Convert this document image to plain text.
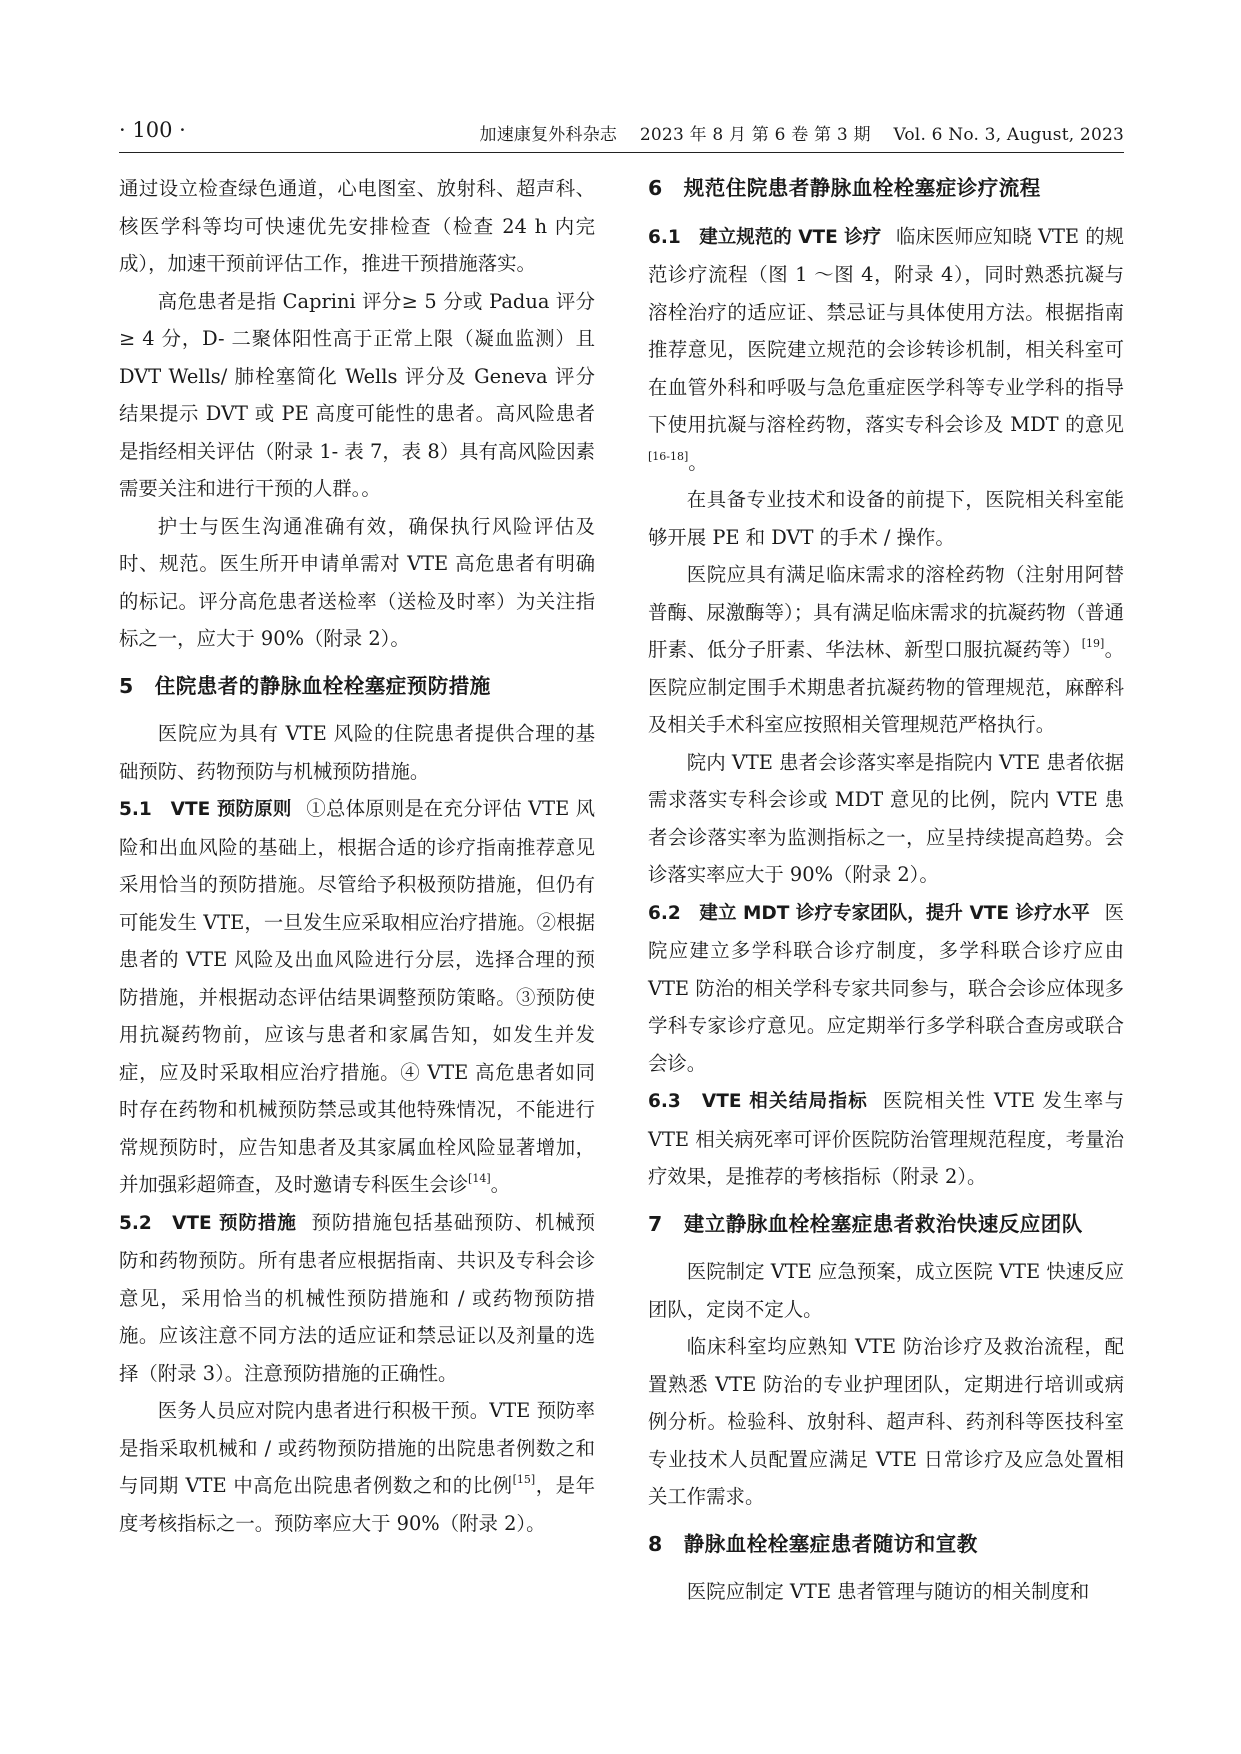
· 100 ·	加速康复外科杂志　 2023 年 8 月 第 6 卷 第 3 期　 Vol. 6 No. 3, August, 2023

通过设立检查绿色通道，心电图室、放射科、超声科、核医学科等均可快速优先安排检查（检查 24 h 内完成），加速干预前评估工作，推进干预措施落实。

高危患者是指 Caprini 评分≥ 5 分或 Padua 评分≥ 4 分，D- 二聚体阳性高于正常上限（凝血监测）且 DVT Wells/ 肺栓塞简化 Wells 评分及 Geneva 评分结果提示 DVT 或 PE 高度可能性的患者。高风险患者是指经相关评估（附录 1- 表 7，表 8）具有高风险因素需要关注和进行干预的人群。。

护士与医生沟通准确有效，确保执行风险评估及时、规范。医生所开申请单需对 VTE 高危患者有明确的标记。评分高危患者送检率（送检及时率）为关注指标之一，应大于 90%（附录 2）。

5　住院患者的静脉血栓栓塞症预防措施

医院应为具有 VTE 风险的住院患者提供合理的基础预防、药物预防与机械预防措施。

5.1　VTE 预防原则 ①总体原则是在充分评估 VTE 风险和出血风险的基础上，根据合适的诊疗指南推荐意见采用恰当的预防措施。尽管给予积极预防措施，但仍有可能发生 VTE，一旦发生应采取相应治疗措施。②根据患者的 VTE 风险及出血风险进行分层，选择合理的预防措施，并根据动态评估结果调整预防策略。③预防使用抗凝药物前，应该与患者和家属告知，如发生并发症，应及时采取相应治疗措施。④ VTE 高危患者如同时存在药物和机械预防禁忌或其他特殊情况，不能进行常规预防时，应告知患者及其家属血栓风险显著增加，并加强彩超筛查，及时邀请专科医生会诊[14]。

5.2　VTE 预防措施 预防措施包括基础预防、机械预防和药物预防。所有患者应根据指南、共识及专科会诊意见，采用恰当的机械性预防措施和 / 或药物预防措施。应该注意不同方法的适应证和禁忌证以及剂量的选择（附录 3）。注意预防措施的正确性。

医务人员应对院内患者进行积极干预。VTE 预防率是指采取机械和 / 或药物预防措施的出院患者例数之和与同期 VTE 中高危出院患者例数之和的比例[15]，是年度考核指标之一。预防率应大于 90%（附录 2）。

6　规范住院患者静脉血栓栓塞症诊疗流程

6.1　建立规范的 VTE 诊疗 临床医师应知晓 VTE 的规范诊疗流程（图 1 ～图 4，附录 4），同时熟悉抗凝与溶栓治疗的适应证、禁忌证与具体使用方法。根据指南推荐意见，医院建立规范的会诊转诊机制，相关科室可在血管外科和呼吸与急危重症医学科等专业学科的指导下使用抗凝与溶栓药物，落实专科会诊及 MDT 的意见[16-18]。

在具备专业技术和设备的前提下，医院相关科室能够开展 PE 和 DVT 的手术 / 操作。

医院应具有满足临床需求的溶栓药物（注射用阿替普酶、尿激酶等）；具有满足临床需求的抗凝药物（普通肝素、低分子肝素、华法林、新型口服抗凝药等）[19]。医院应制定围手术期患者抗凝药物的管理规范，麻醉科及相关手术科室应按照相关管理规范严格执行。

院内 VTE 患者会诊落实率是指院内 VTE 患者依据需求落实专科会诊或 MDT 意见的比例，院内 VTE 患者会诊落实率为监测指标之一，应呈持续提高趋势。会诊落实率应大于 90%（附录 2）。

6.2　建立 MDT 诊疗专家团队，提升 VTE 诊疗水平 医院应建立多学科联合诊疗制度，多学科联合诊疗应由 VTE 防治的相关学科专家共同参与，联合会诊应体现多学科专家诊疗意见。应定期举行多学科联合查房或联合会诊。

6.3　VTE 相关结局指标 医院相关性 VTE 发生率与 VTE 相关病死率可评价医院防治管理规范程度，考量治疗效果，是推荐的考核指标（附录 2）。

7　建立静脉血栓栓塞症患者救治快速反应团队

医院制定 VTE 应急预案，成立医院 VTE 快速反应团队，定岗不定人。

临床科室均应熟知 VTE 防治诊疗及救治流程，配置熟悉 VTE 防治的专业护理团队，定期进行培训或病例分析。检验科、放射科、超声科、药剂科等医技科室专业技术人员配置应满足 VTE 日常诊疗及应急处置相关工作需求。

8　静脉血栓栓塞症患者随访和宣教

医院应制定 VTE 患者管理与随访的相关制度和
